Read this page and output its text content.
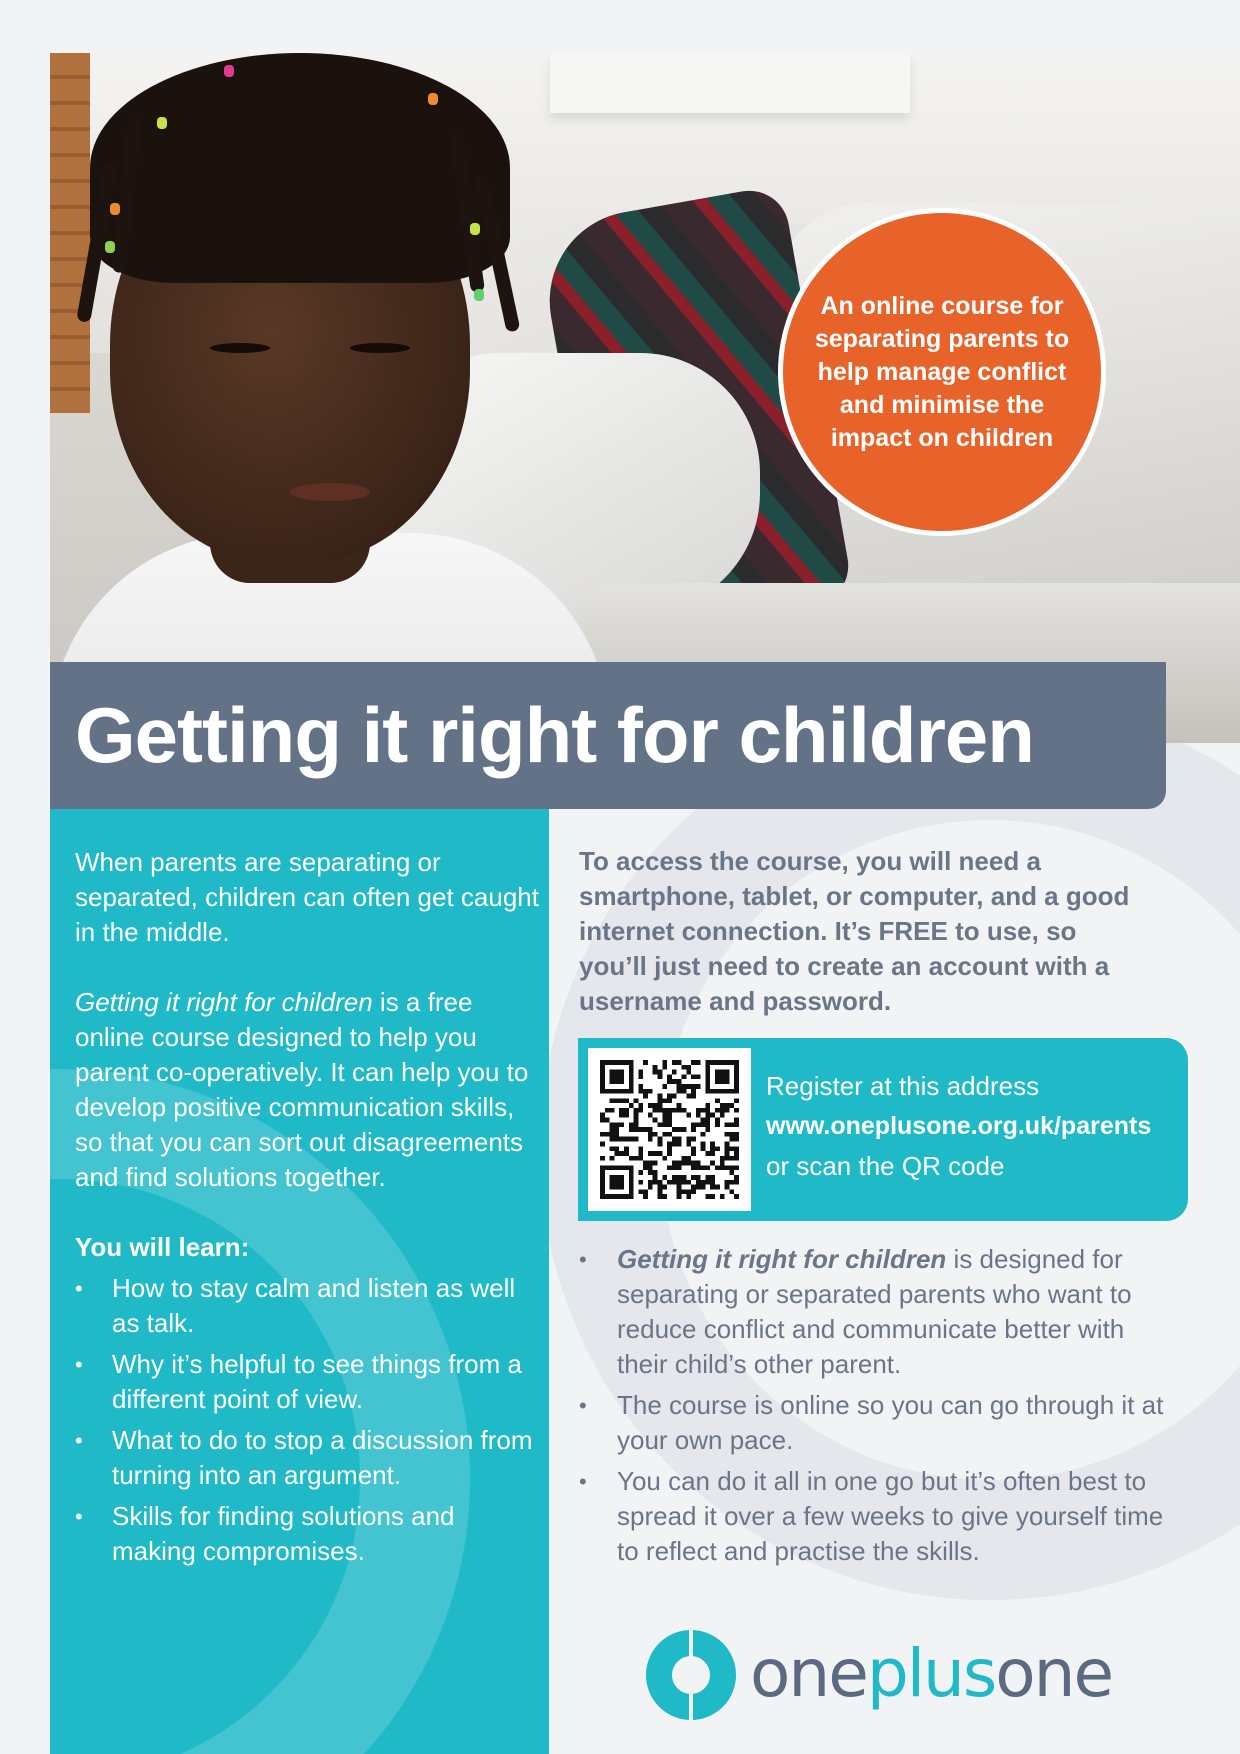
An online course for separating parents to help manage conflict and minimise the impact on children
Getting it right for children

When parents are separating or separated, children can often get caught in the middle.

Getting it right for children is a free online course designed to help you parent co-operatively. It can help you to develop positive communication skills, so that you can sort out disagreements and find solutions together.

You will learn:
• How to stay calm and listen as well as talk.
• Why it’s helpful to see things from a different point of view.
• What to do to stop a discussion from turning into an argument.
• Skills for finding solutions and making compromises.

To access the course, you will need a smartphone, tablet, or computer, and a good internet connection. It’s FREE to use, so you’ll just need to create an account with a username and password.

Register at this address
www.oneplusone.org.uk/parents
or scan the QR code
• Getting it right for children is designed for separating or separated parents who want to reduce conflict and communicate better with their child’s other parent.
• The course is online so you can go through it at your own pace.
• You can do it all in one go but it’s often best to spread it over a few weeks to give yourself time to reflect and practise the skills.
oneplusone
